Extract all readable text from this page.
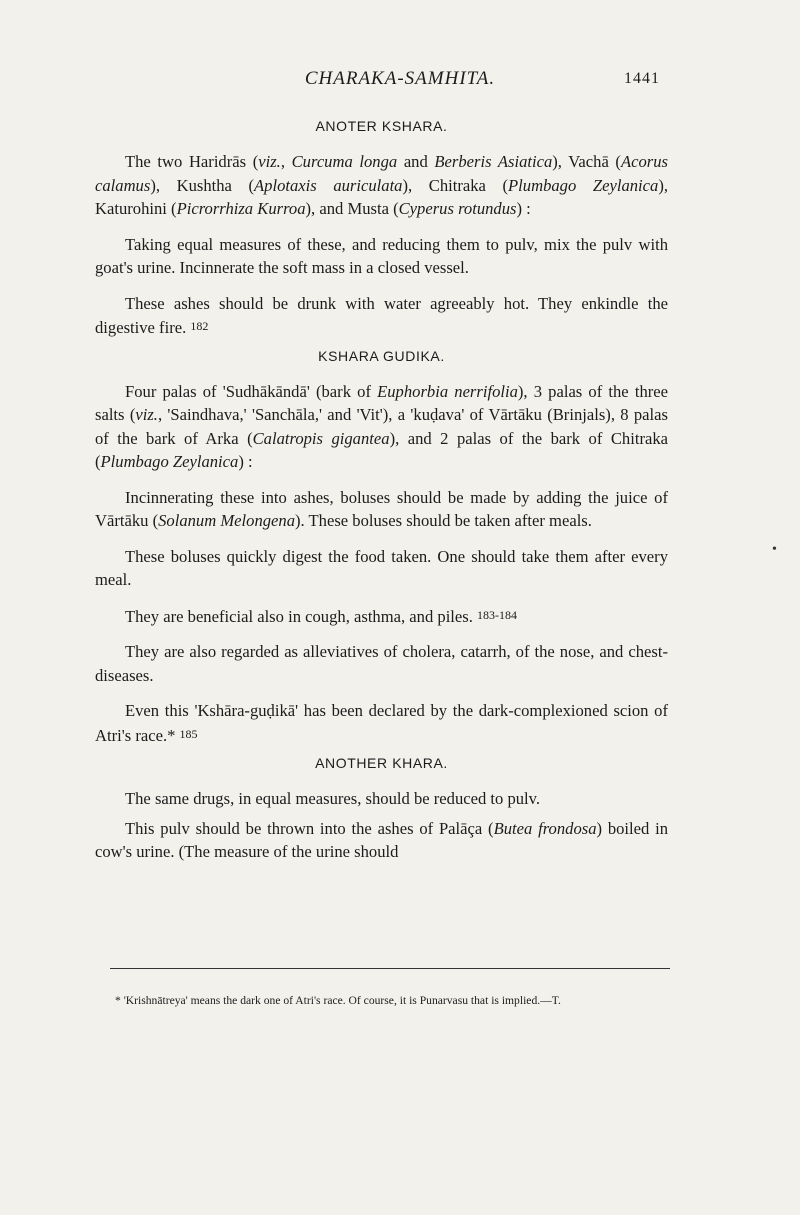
CHARAKA-SAMHITA.	1441
ANOTER KSHARA.

The two Haridrās (viz., Curcuma longa and Berberis Asiatica), Vachā (Acorus calamus), Kushtha (Aplotaxis auriculata), Chitraka (Plumbago Zeylanica), Katurohini (Picrorrhiza Kurroa), and Musta (Cyperus rotundus) :

Taking equal measures of these, and reducing them to pulv, mix the pulv with goat's urine. Incinnerate the soft mass in a closed vessel.

These ashes should be drunk with water agreeably hot. They enkindle the digestive fire. 182

KSHARA GUDIKA.

Four palas of 'Sudhākāndā' (bark of Euphorbia nerrifolia), 3 palas of the three salts (viz., 'Saindhava,' 'Sanchāla,' and 'Vit'), a 'kuḍava' of Vārtāku (Brinjals), 8 palas of the bark of Arka (Calatropis gigantea), and 2 palas of the bark of Chitraka (Plumbago Zeylanica) :

Incinnerating these into ashes, boluses should be made by adding the juice of Vārtāku (Solanum Melongena). These boluses should be taken after meals.

These boluses quickly digest the food taken. One should take them after every meal.

They are beneficial also in cough, asthma, and piles. 183-184

They are also regarded as alleviatives of cholera, catarrh, of the nose, and chest-diseases.

Even this 'Kshāra-guḍikā' has been declared by the dark-complexioned scion of Atri's race.* 185

ANOTHER KHARA.

The same drugs, in equal measures, should be reduced to pulv.

This pulv should be thrown into the ashes of Palāça (Butea frondosa) boiled in cow's urine. (The measure of the urine should

* 'Krishnātreya' means the dark one of Atri's race. Of course, it is Punarvasu that is implied.—T.
•
